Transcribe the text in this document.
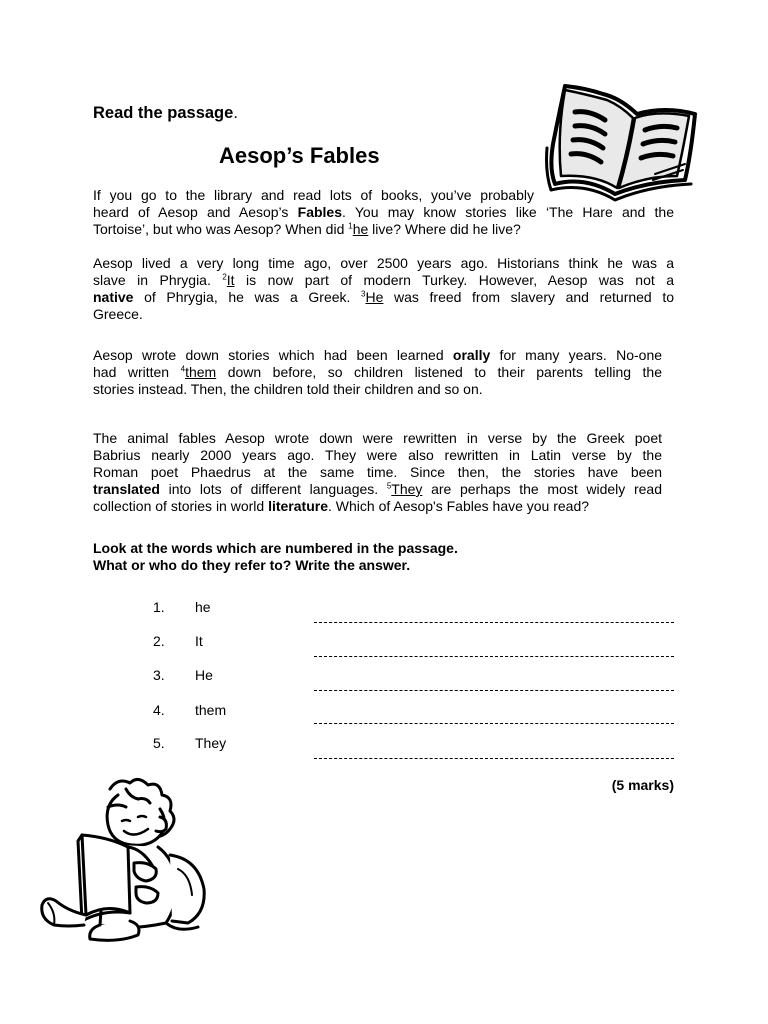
Read the passage.
Aesop’s Fables
If you go to the library and read lots of books, you’ve probably
heard of Aesop and Aesop’s Fables. You may know stories like ‘The Hare and the
Tortoise’, but who was Aesop? When did $^1$he live? Where did he live?
Aesop lived a very long time ago, over 2500 years ago. Historians think he was a
slave in Phrygia. $^2$It is now part of modern Turkey. However, Aesop was not a
native of Phrygia, he was a Greek. $^3$He was freed from slavery and returned to
Greece.
Aesop wrote down stories which had been learned orally for many years. No-one
had written $^4$them down before, so children listened to their parents telling the
stories instead. Then, the children told their children and so on.
The animal fables Aesop wrote down were rewritten in verse by the Greek poet
Babrius nearly 2000 years ago. They were also rewritten in Latin verse by the
Roman poet Phaedrus at the same time. Since then, the stories have been
translated into lots of different languages. $^5$They are perhaps the most widely read
collection of stories in world literature. Which of Aesop's Fables have you read?
Look at the words which are numbered in the passage.
What or who do they refer to? Write the answer.
1. he
2. It
3. He
4. them
5. They
(5 marks)
